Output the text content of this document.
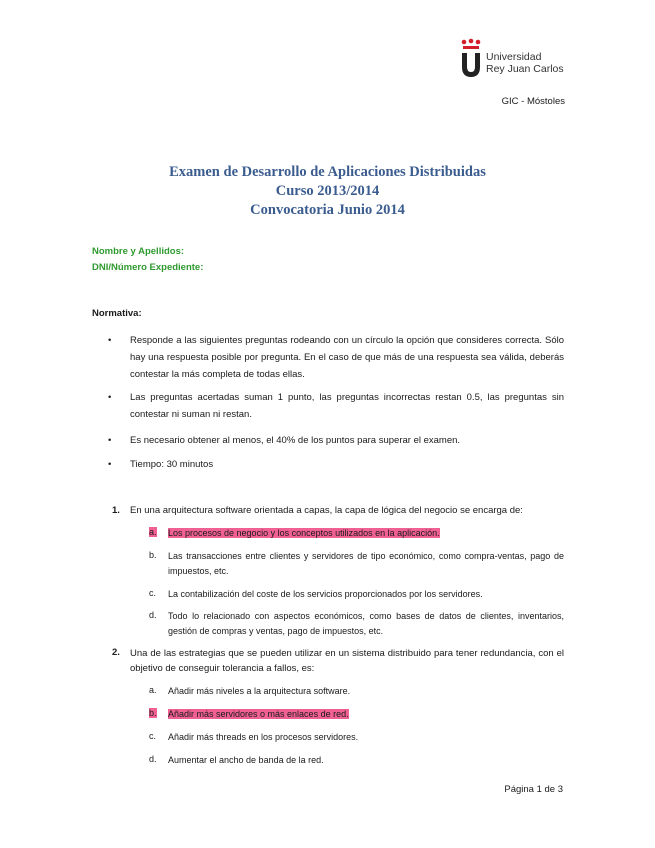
Universidad
Rey Juan Carlos
GIC - Móstoles
Examen de Desarrollo de Aplicaciones Distribuidas
Curso 2013/2014
Convocatoria Junio 2014
Nombre y Apellidos:
DNI/Número Expediente:
Normativa:
• Responde a las siguientes preguntas rodeando con un círculo la opción que consideres correcta. Sólo hay una respuesta posible por pregunta. En el caso de que más de una respuesta sea válida, deberás contestar la más completa de todas ellas.
• Las preguntas acertadas suman 1 punto, las preguntas incorrectas restan 0.5, las preguntas sin contestar ni suman ni restan.
• Es necesario obtener al menos, el 40% de los puntos para superar el examen.
• Tiempo: 30 minutos
1. En una arquitectura software orientada a capas, la capa de lógica del negocio se encarga de:
a. Los procesos de negocio y los conceptos utilizados en la aplicación.
b. Las transacciones entre clientes y servidores de tipo económico, como compra-ventas, pago de impuestos, etc.
c. La contabilización del coste de los servicios proporcionados por los servidores.
d. Todo lo relacionado con aspectos económicos, como bases de datos de clientes, inventarios, gestión de compras y ventas, pago de impuestos, etc.
2. Una de las estrategias que se pueden utilizar en un sistema distribuido para tener redundancia, con el objetivo de conseguir tolerancia a fallos, es:
a. Añadir más niveles a la arquitectura software.
b. Añadir más servidores o más enlaces de red.
c. Añadir más threads en los procesos servidores.
d. Aumentar el ancho de banda de la red.
Página 1 de 3
